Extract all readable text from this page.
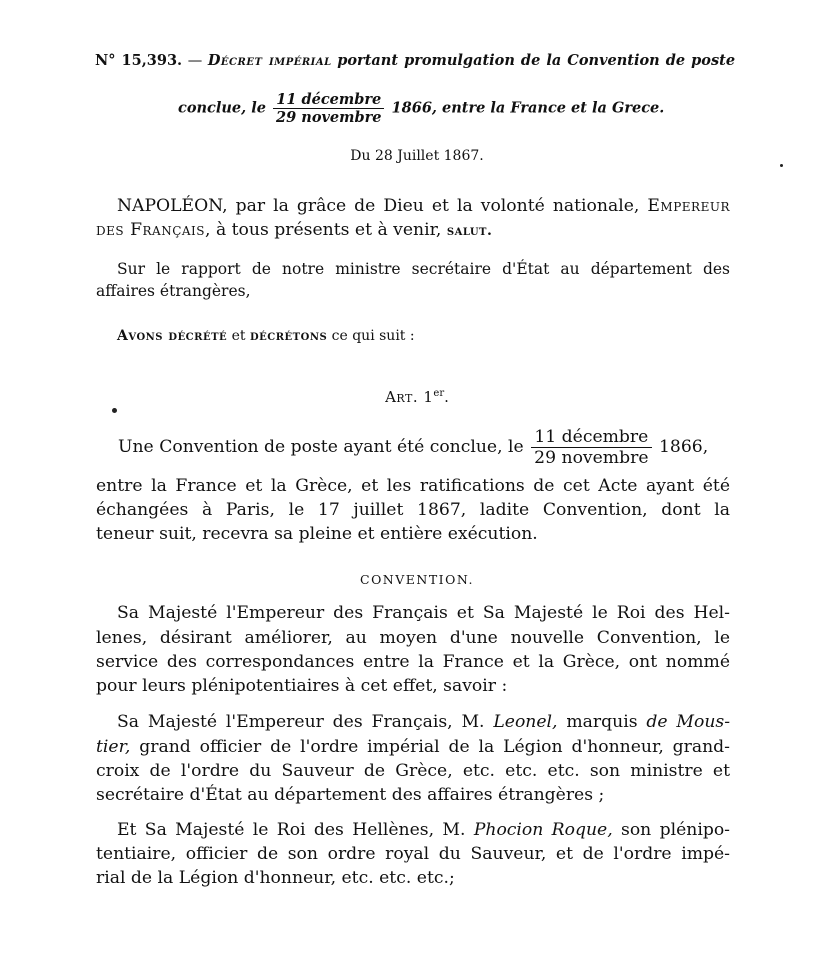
N° 15,393. — Décret impérial portant promulgation de la Convention de poste
conclue, le $\frac{\text{11 décembre}}{\text{29 novembre}} 1866$, entre la France et la Grece.
Du 28 Juillet 1867.
NAPOLÉON, par la grâce de Dieu et la volonté nationale, Empereur
des Français, à tous présents et à venir, salut.
Sur le rapport de notre ministre secrétaire d'État au département des
affaires étrangères,
Avons décrété et décrétons ce qui suit :
Art. 1er.
Une Convention de poste ayant été conclue, le $\frac{\text{11 décembre}}{\text{29 novembre}} 1866$,
entre la France et la Grèce, et les ratifications de cet Acte ayant été
échangées à Paris, le 17 juillet 1867, ladite Convention, dont la
teneur suit, recevra sa pleine et entière exécution.
CONVENTION.
Sa Majesté l'Empereur des Français et Sa Majesté le Roi des Hel-
lenes, désirant améliorer, au moyen d'une nouvelle Convention, le
service des correspondances entre la France et la Grèce, ont nommé
pour leurs plénipotentiaires à cet effet, savoir :
Sa Majesté l'Empereur des Français, M. Leonel, marquis de Mous-
tier, grand officier de l'ordre impérial de la Légion d'honneur, grand-
croix de l'ordre du Sauveur de Grèce, etc. etc. etc. son ministre et
secrétaire d'État au département des affaires étrangères ;
Et Sa Majesté le Roi des Hellènes, M. Phocion Roque, son plénipo-
tentiaire, officier de son ordre royal du Sauveur, et de l'ordre impé-
rial de la Légion d'honneur, etc. etc. etc.;
